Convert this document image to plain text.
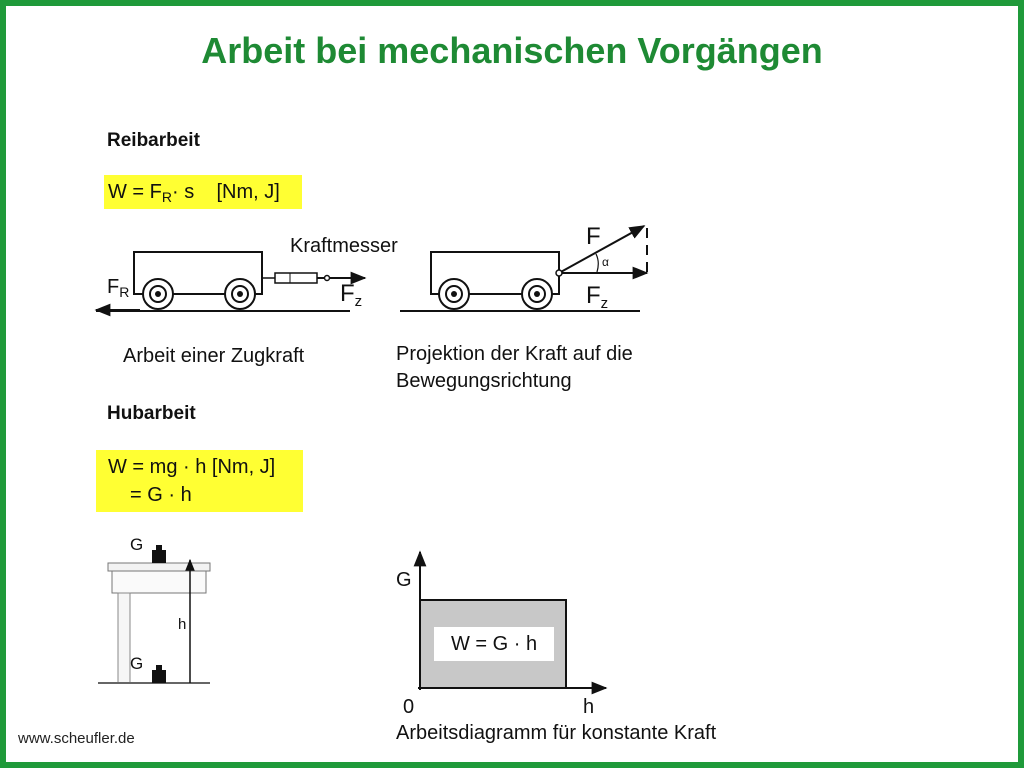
Arbeit bei mechanischen Vorgängen
Reibarbeit
$W = F_R\cdot s$ [Nm, J]
Kraftmesser
$F_R$	$F_z$
F
α
$F_z$
Arbeit einer Zugkraft	Projektion der Kraft auf die
Bewegungsrichtung
Hubarbeit
W = mg · h [Nm, J]
= G · h
G
G
h
G
0	h
Arbeitsdiagramm für konstante Kraft
www.scheufler.de
W = G · h
